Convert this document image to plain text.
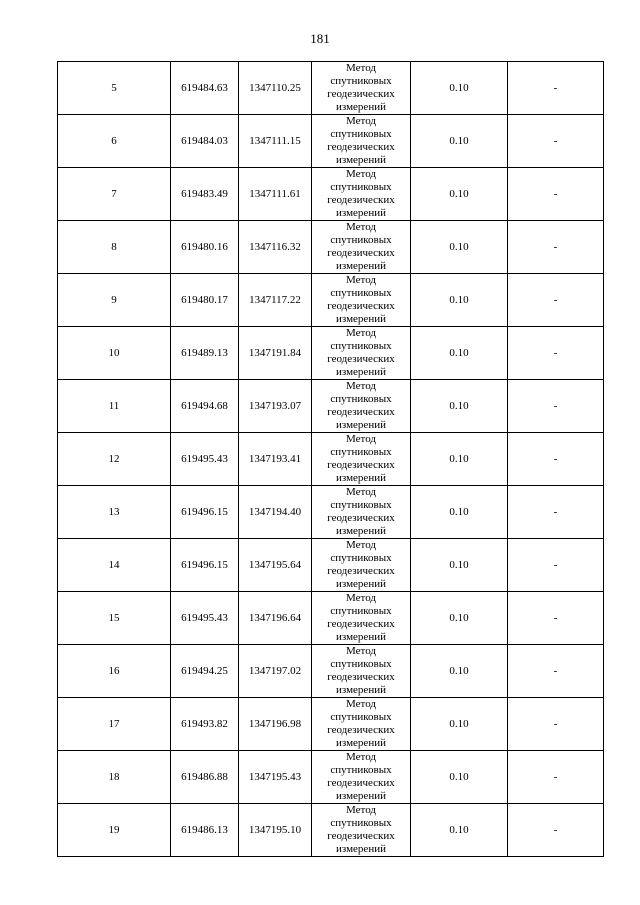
181
5	619484.63	1347110.25	Метод
спутниковых
геодезических
измерений	0.10	-
6	619484.03	1347111.15	Метод
спутниковых
геодезических
измерений	0.10	-
7	619483.49	1347111.61	Метод
спутниковых
геодезических
измерений	0.10	-
8	619480.16	1347116.32	Метод
спутниковых
геодезических
измерений	0.10	-
9	619480.17	1347117.22	Метод
спутниковых
геодезических
измерений	0.10	-
10	619489.13	1347191.84	Метод
спутниковых
геодезических
измерений	0.10	-
11	619494.68	1347193.07	Метод
спутниковых
геодезических
измерений	0.10	-
12	619495.43	1347193.41	Метод
спутниковых
геодезических
измерений	0.10	-
13	619496.15	1347194.40	Метод
спутниковых
геодезических
измерений	0.10	-
14	619496.15	1347195.64	Метод
спутниковых
геодезических
измерений	0.10	-
15	619495.43	1347196.64	Метод
спутниковых
геодезических
измерений	0.10	-
16	619494.25	1347197.02	Метод
спутниковых
геодезических
измерений	0.10	-
17	619493.82	1347196.98	Метод
спутниковых
геодезических
измерений	0.10	-
18	619486.88	1347195.43	Метод
спутниковых
геодезических
измерений	0.10	-
19	619486.13	1347195.10	Метод
спутниковых
геодезических
измерений	0.10	-
